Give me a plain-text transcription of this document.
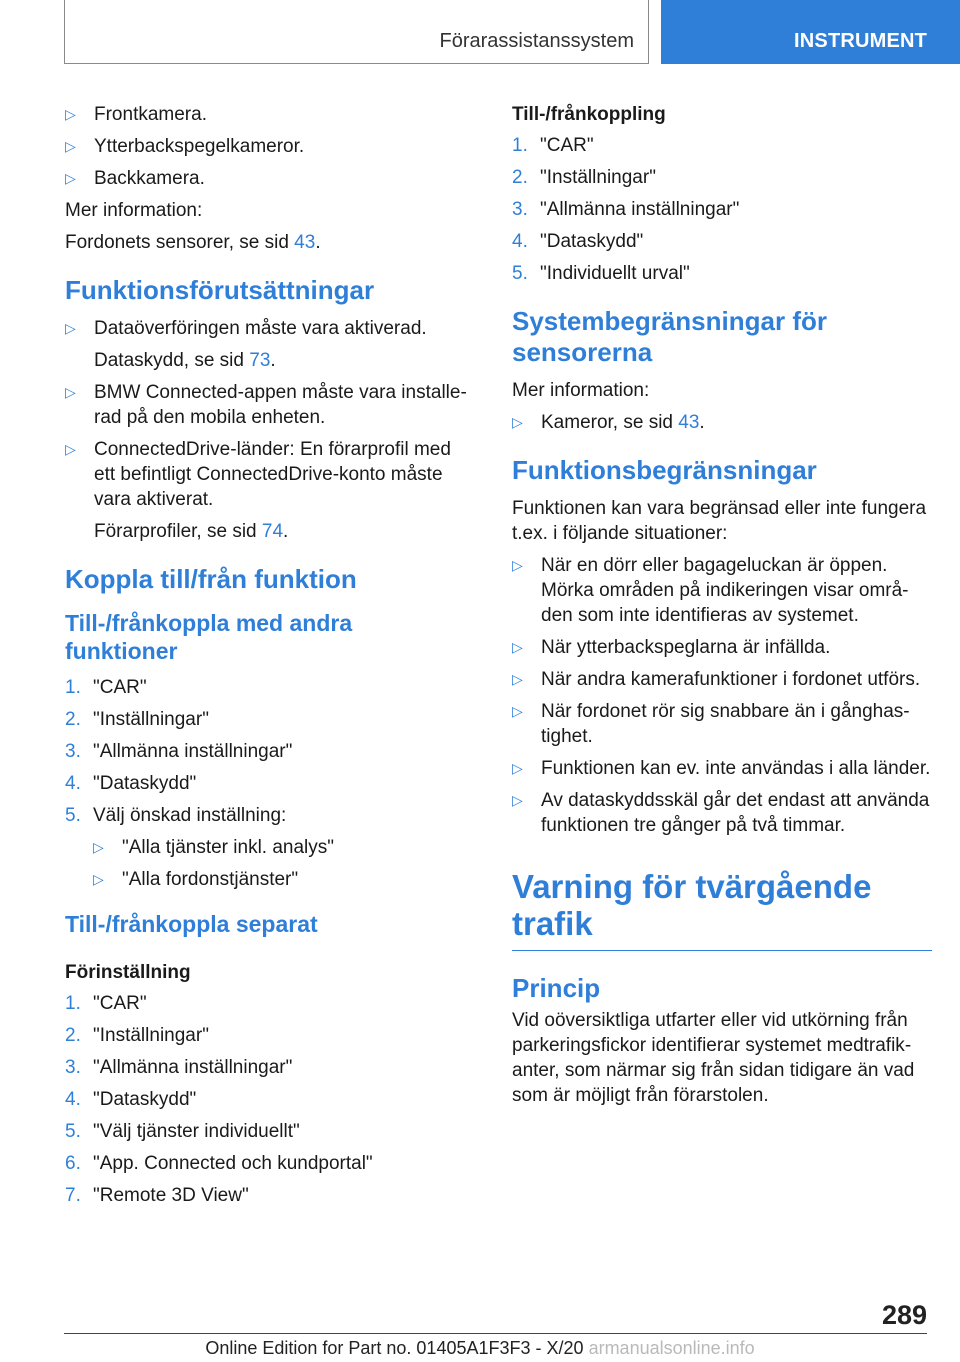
Förarassistanssystem	INSTRUMENT
▷ Frontkamera.
▷ Ytterbackspegelkameror.
▷ Backkamera.
Mer information:
Fordonets sensorer, se sid 43.
Funktionsförutsättningar
▷ Dataöverföringen måste vara aktiverad.
Dataskydd, se sid 73.
▷ BMW Connected-appen måste vara installerad på den mobila enheten.
▷ ConnectedDrive-länder: En förarprofil med ett befintligt ConnectedDrive-konto måste vara aktiverat.
Förarprofiler, se sid 74.
Koppla till/från funktion
Till-/frånkoppla med andra funktioner
1. "CAR"
2. "Inställningar"
3. "Allmänna inställningar"
4. "Dataskydd"
5. Välj önskad inställning:
▷ "Alla tjänster inkl. analys"
▷ "Alla fordonstjänster"
Till-/frånkoppla separat
Förinställning
1. "CAR"
2. "Inställningar"
3. "Allmänna inställningar"
4. "Dataskydd"
5. "Välj tjänster individuellt"
6. "App. Connected och kundportal"
7. "Remote 3D View"
Till-/frånkoppling
1. "CAR"
2. "Inställningar"
3. "Allmänna inställningar"
4. "Dataskydd"
5. "Individuellt urval"
Systembegränsningar för sensorerna
Mer information:
▷ Kameror, se sid 43.
Funktionsbegränsningar
Funktionen kan vara begränsad eller inte fungera t.ex. i följande situationer:
▷ När en dörr eller bagageluckan är öppen. Mörka områden på indikeringen visar områden som inte identifieras av systemet.
▷ När ytterbackspeglarna är infällda.
▷ När andra kamerafunktioner i fordonet utförs.
▷ När fordonet rör sig snabbare än i gånghastighet.
▷ Funktionen kan ev. inte användas i alla länder.
▷ Av dataskyddsskäl går det endast att använda funktionen tre gånger på två timmar.
Varning för tvärgående trafik
Princip
Vid oöversiktliga utfarter eller vid utkörning från parkeringsfickor identifierar systemet medtrafikanter, som närmar sig från sidan tidigare än vad som är möjligt från förarstolen.
289
Online Edition for Part no. 01405A1F3F3 - X/20 armanualsonline.info
